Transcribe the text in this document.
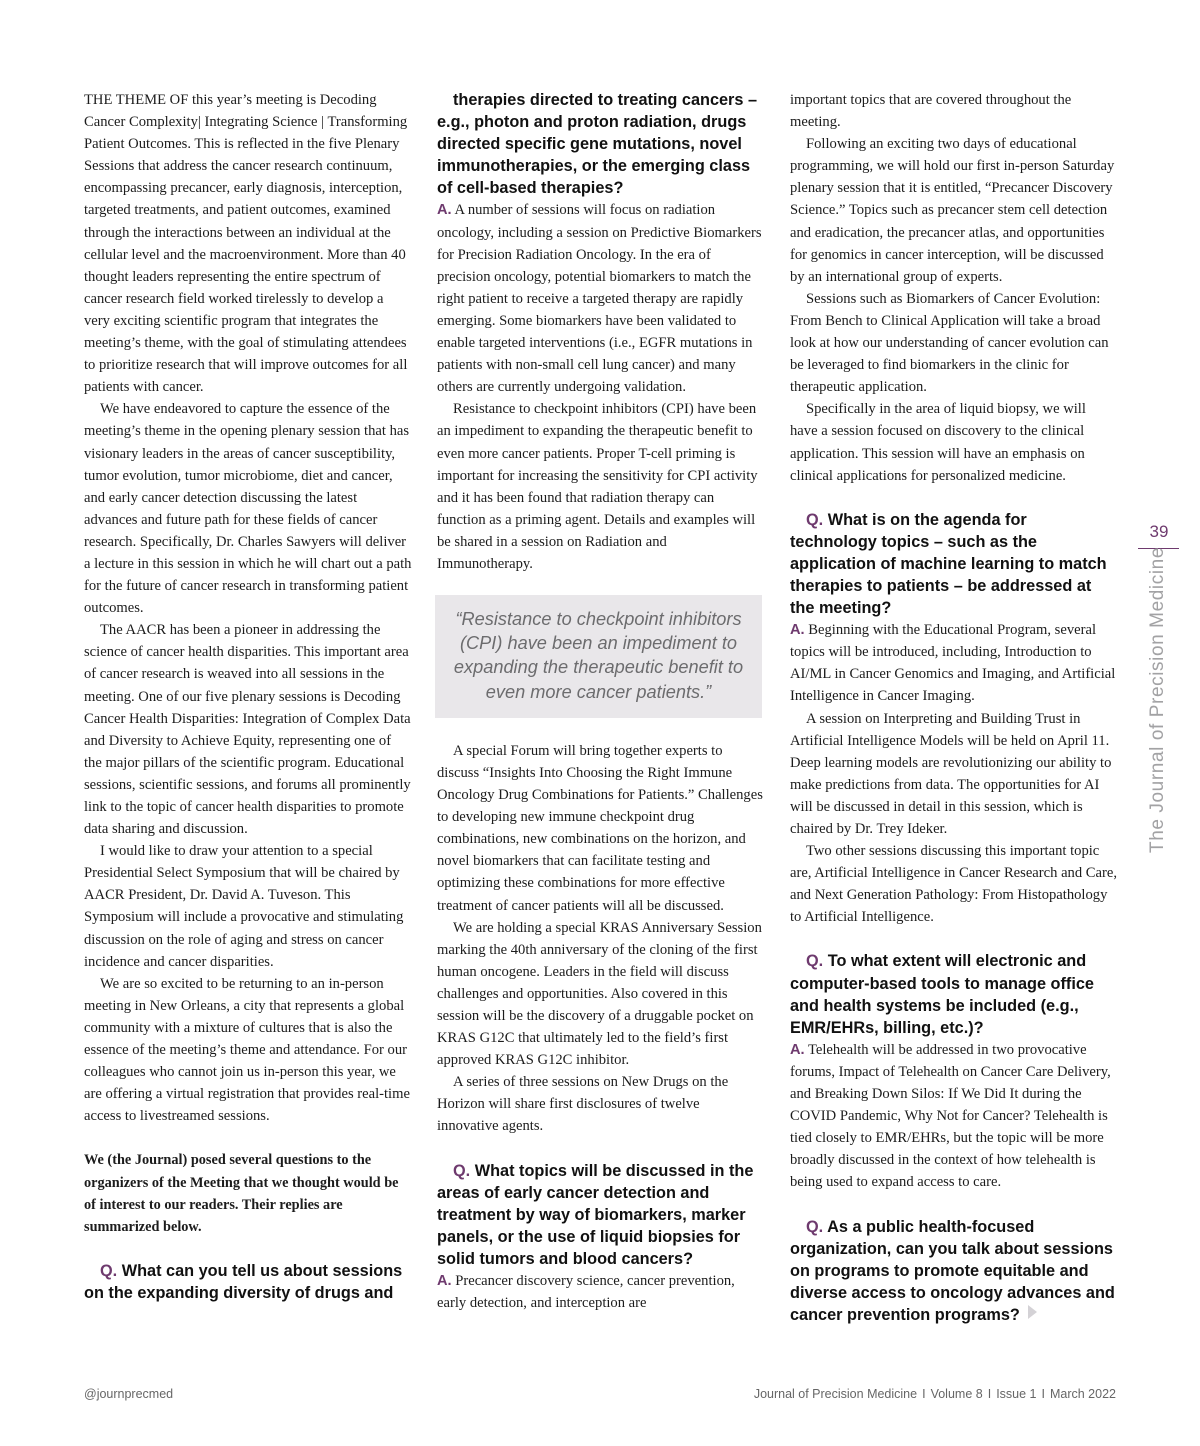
THE THEME OF this year’s meeting is Decoding Cancer Complexity| Integrating Science | Transforming Patient Outcomes. This is reflected in the five Plenary Sessions that address the cancer research continuum, encompassing precancer, early diagnosis, interception, targeted treatments, and patient outcomes, examined through the interactions between an individual at the cellular level and the macroenvironment. More than 40 thought leaders representing the entire spectrum of cancer research field worked tirelessly to develop a very exciting scientific program that integrates the meeting’s theme, with the goal of stimulating attendees to prioritize research that will improve outcomes for all patients with cancer.

We have endeavored to capture the essence of the meeting’s theme in the opening plenary session that has visionary leaders in the areas of cancer susceptibility, tumor evolution, tumor microbiome, diet and cancer, and early cancer detection discussing the latest advances and future path for these fields of cancer research. Specifically, Dr. Charles Sawyers will deliver a lecture in this session in which he will chart out a path for the future of cancer research in transforming patient outcomes.

The AACR has been a pioneer in addressing the science of cancer health disparities. This important area of cancer research is weaved into all sessions in the meeting. One of our five plenary sessions is Decoding Cancer Health Disparities: Integration of Complex Data and Diversity to Achieve Equity, representing one of the major pillars of the scientific program. Educational sessions, scientific sessions, and forums all prominently link to the topic of cancer health disparities to promote data sharing and discussion.

I would like to draw your attention to a special Presidential Select Symposium that will be chaired by AACR President, Dr. David A. Tuveson. This Symposium will include a provocative and stimulating discussion on the role of aging and stress on cancer incidence and cancer disparities.

We are so excited to be returning to an in-person meeting in New Orleans, a city that represents a global community with a mixture of cultures that is also the essence of the meeting’s theme and attendance. For our colleagues who cannot join us in-person this year, we are offering a virtual registration that provides real-time access to livestreamed sessions.

We (the Journal) posed several questions to the organizers of the Meeting that we thought would be of interest to our readers. Their replies are summarized below.

Q. What can you tell us about sessions on the expanding diversity of drugs and

therapies directed to treating cancers – e.g., photon and proton radiation, drugs directed specific gene mutations, novel immunotherapies, or the emerging class of cell-based therapies?

A. A number of sessions will focus on radiation oncology, including a session on Predictive Biomarkers for Precision Radiation Oncology. In the era of precision oncology, potential biomarkers to match the right patient to receive a targeted therapy are rapidly emerging. Some biomarkers have been validated to enable targeted interventions (i.e., EGFR mutations in patients with non-small cell lung cancer) and many others are currently undergoing validation.

Resistance to checkpoint inhibitors (CPI) have been an impediment to expanding the therapeutic benefit to even more cancer patients. Proper T-cell priming is important for increasing the sensitivity for CPI activity and it has been found that radiation therapy can function as a priming agent. Details and examples will be shared in a session on Radiation and Immunotherapy.

“Resistance to checkpoint inhibitors (CPI) have been an impediment to expanding the therapeutic benefit to even more cancer patients.”

A special Forum will bring together experts to discuss “Insights Into Choosing the Right Immune Oncology Drug Combinations for Patients.” Challenges to developing new immune checkpoint drug combinations, new combinations on the horizon, and novel biomarkers that can facilitate testing and optimizing these combinations for more effective treatment of cancer patients will all be discussed.

We are holding a special KRAS Anniversary Session marking the 40th anniversary of the cloning of the first human oncogene. Leaders in the field will discuss challenges and opportunities. Also covered in this session will be the discovery of a druggable pocket on KRAS G12C that ultimately led to the field’s first approved KRAS G12C inhibitor.

A series of three sessions on New Drugs on the Horizon will share first disclosures of twelve innovative agents.

Q. What topics will be discussed in the areas of early cancer detection and treatment by way of biomarkers, marker panels, or the use of liquid biopsies for solid tumors and blood cancers?

A. Precancer discovery science, cancer prevention, early detection, and interception are

important topics that are covered throughout the meeting.

Following an exciting two days of educational programming, we will hold our first in-person Saturday plenary session that it is entitled, “Precancer Discovery Science.” Topics such as precancer stem cell detection and eradication, the precancer atlas, and opportunities for genomics in cancer interception, will be discussed by an international group of experts.

Sessions such as Biomarkers of Cancer Evolution: From Bench to Clinical Application will take a broad look at how our understanding of cancer evolution can be leveraged to find biomarkers in the clinic for therapeutic application.

Specifically in the area of liquid biopsy, we will have a session focused on discovery to the clinical application. This session will have an emphasis on clinical applications for personalized medicine.

Q. What is on the agenda for technology topics – such as the application of machine learning to match therapies to patients – be addressed at the meeting?

A. Beginning with the Educational Program, several topics will be introduced, including, Introduction to AI/ML in Cancer Genomics and Imaging, and Artificial Intelligence in Cancer Imaging.

A session on Interpreting and Building Trust in Artificial Intelligence Models will be held on April 11. Deep learning models are revolutionizing our ability to make predictions from data. The opportunities for AI will be discussed in detail in this session, which is chaired by Dr. Trey Ideker.

Two other sessions discussing this important topic are, Artificial Intelligence in Cancer Research and Care, and Next Generation Pathology: From Histopathology to Artificial Intelligence.

Q. To what extent will electronic and computer-based tools to manage office and health systems be included (e.g., EMR/EHRs, billing, etc.)?

A. Telehealth will be addressed in two provocative forums, Impact of Telehealth on Cancer Care Delivery, and Breaking Down Silos: If We Did It during the COVID Pandemic, Why Not for Cancer? Telehealth is tied closely to EMR/EHRs, but the topic will be more broadly discussed in the context of how telehealth is being used to expand access to care.

Q. As a public health-focused organization, can you talk about sessions on programs to promote equitable and diverse access to oncology advances and cancer prevention programs?

39
The Journal of Precision Medicine
@journprecmed	Journal of Precision Medicine I Volume 8 I Issue 1 I March 2022
